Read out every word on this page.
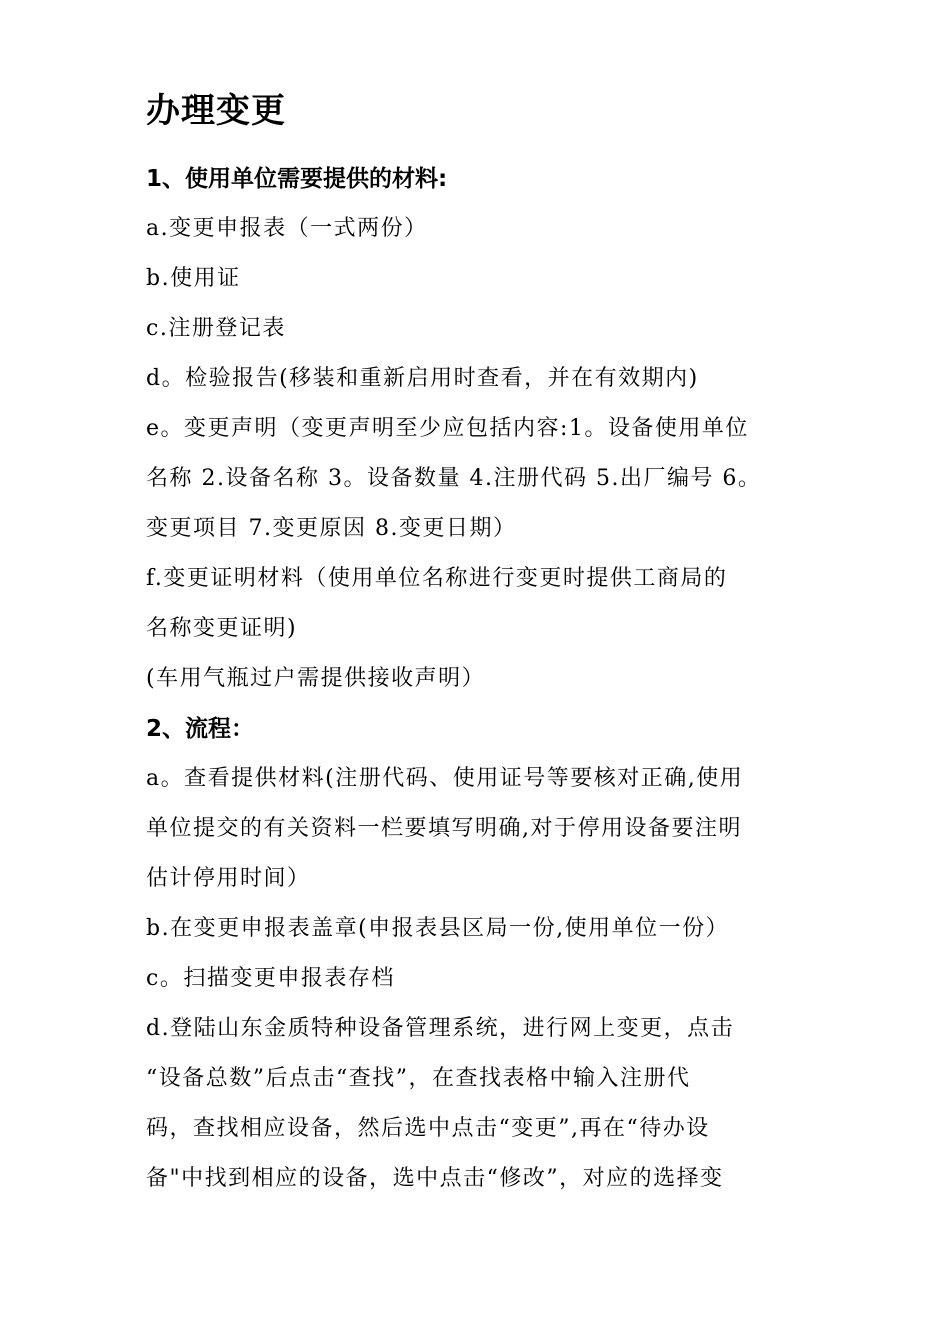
办理变更
1、使用单位需要提供的材料:

a.变更申报表（一式两份）

b.使用证

c.注册登记表

d。检验报告(移装和重新启用时查看，并在有效期内)

e。变更声明（变更声明至少应包括内容:1。设备使用单位

名称 2.设备名称 3。设备数量 4.注册代码 5.出厂编号 6。

变更项目 7.变更原因 8.变更日期）

f.变更证明材料（使用单位名称进行变更时提供工商局的

名称变更证明)

(车用气瓶过户需提供接收声明）

2、流程：

a。查看提供材料(注册代码、使用证号等要核对正确,使用

单位提交的有关资料一栏要填写明确,对于停用设备要注明

估计停用时间）

b.在变更申报表盖章(申报表县区局一份,使用单位一份）

c。扫描变更申报表存档

d.登陆山东金质特种设备管理系统，进行网上变更，点击

“设备总数”后点击“查找”，在查找表格中输入注册代

码，查找相应设备，然后选中点击“变更”,再在“待办设

备"中找到相应的设备，选中点击“修改”，对应的选择变
